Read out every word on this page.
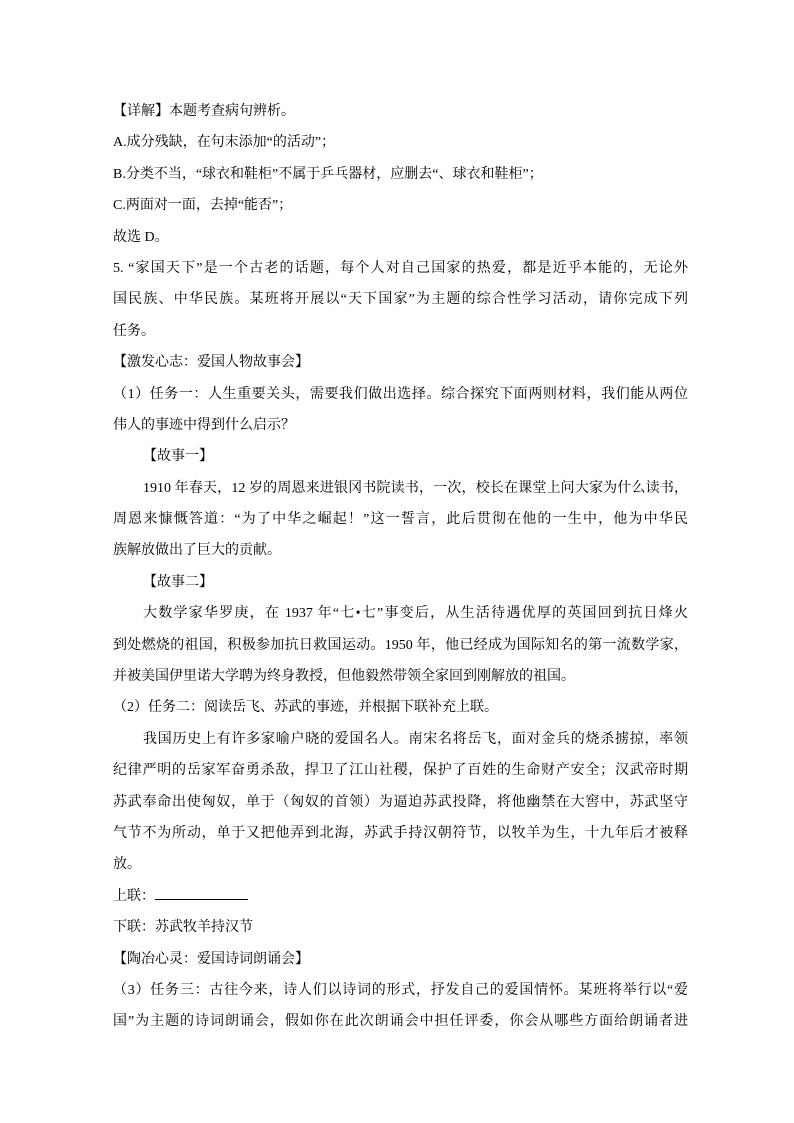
【详解】本题考查病句辨析。
A.成分残缺，在句末添加“的活动”；
B.分类不当，“球衣和鞋柜”不属于乒乓器材，应删去“、球衣和鞋柜”；
C.两面对一面，去掉“能否”；
故选 D。
5. “家国天下”是一个古老的话题，每个人对自己国家的热爱，都是近乎本能的，无论外
国民族、中华民族。某班将开展以“天下国家”为主题的综合性学习活动，请你完成下列
任务。
【激发心志：爱国人物故事会】
（1）任务一：人生重要关头，需要我们做出选择。综合探究下面两则材料，我们能从两位
伟人的事迹中得到什么启示？
【故事一】
1910 年春天，12 岁的周恩来进银冈书院读书，一次，校长在课堂上问大家为什么读书，
周恩来慷慨答道：“为了中华之崛起！”这一誓言，此后贯彻在他的一生中，他为中华民
族解放做出了巨大的贡献。
【故事二】
大数学家华罗庚，在 1937 年“七•七”事变后，从生活待遇优厚的英国回到抗日烽火
到处燃烧的祖国，积极参加抗日救国运动。1950 年，他已经成为国际知名的第一流数学家，
并被美国伊里诺大学聘为终身教授，但他毅然带领全家回到刚解放的祖国。
（2）任务二：阅读岳飞、苏武的事迹，并根据下联补充上联。
我国历史上有许多家喻户晓的爱国名人。南宋名将岳飞，面对金兵的烧杀掳掠，率领
纪律严明的岳家军奋勇杀敌，捍卫了江山社稷，保护了百姓的生命财产安全；汉武帝时期
苏武奉命出使匈奴，单于（匈奴的首领）为逼迫苏武投降，将他幽禁在大窖中，苏武坚守
气节不为所动，单于又把他弄到北海，苏武手持汉朝符节，以牧羊为生，十九年后才被释
放。
上联：
下联：苏武牧羊持汉节
【陶冶心灵：爱国诗词朗诵会】
（3）任务三：古往今来，诗人们以诗词的形式，抒发自己的爱国情怀。某班将举行以“爱
国”为主题的诗词朗诵会，假如你在此次朗诵会中担任评委，你会从哪些方面给朗诵者进
